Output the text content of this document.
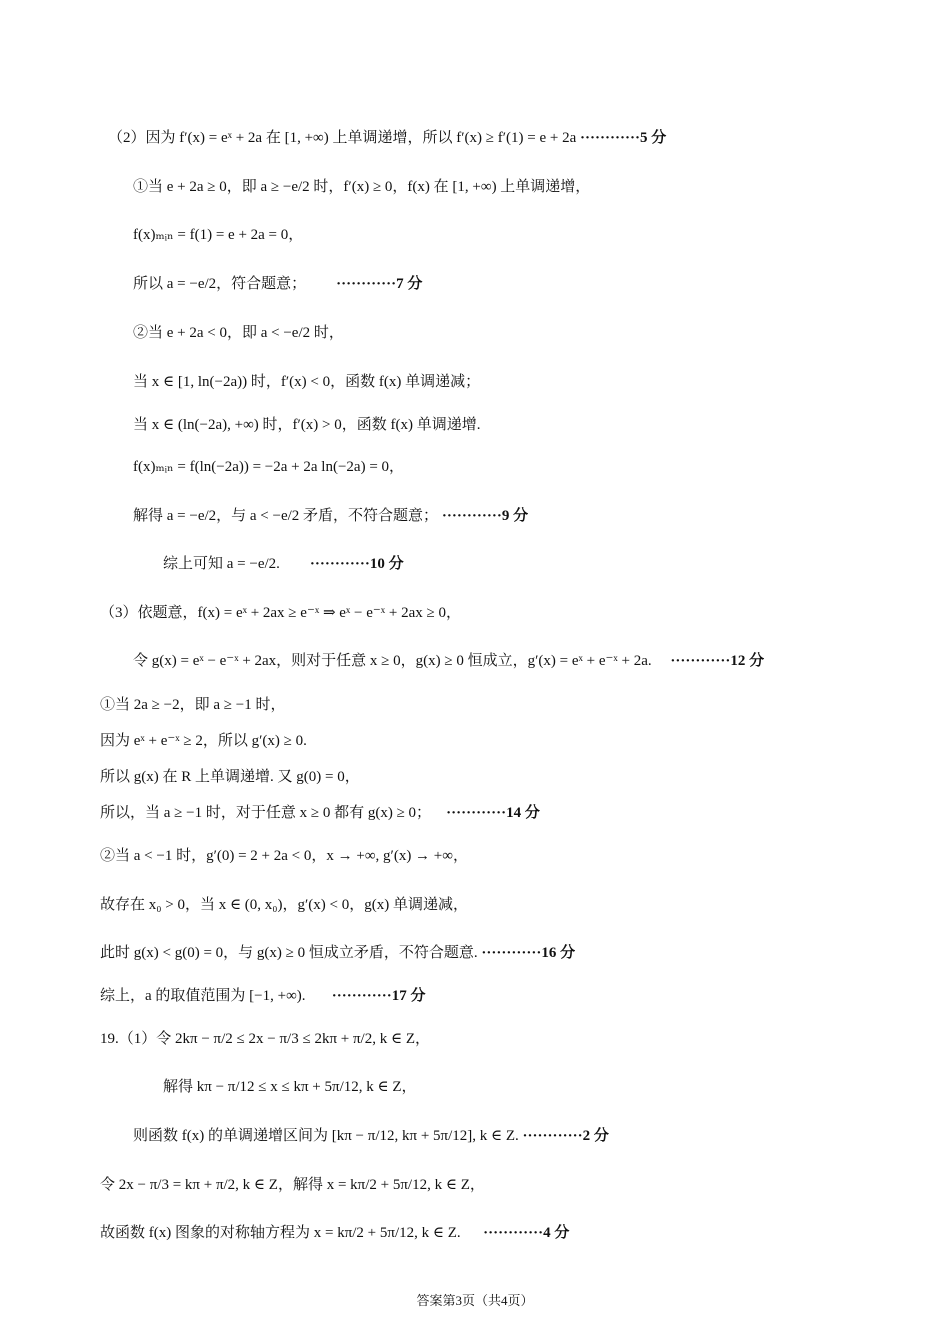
（2）因为 f′(x) = eˣ + 2a 在 [1, +∞) 上单调递增，所以 f′(x) ≥ f′(1) = e + 2a ············5 分
①当 e + 2a ≥ 0，即 a ≥ −e/2 时，f′(x) ≥ 0，f(x) 在 [1, +∞) 上单调递增，
f(x)ₘᵢₙ = f(1) = e + 2a = 0，
所以 a = −e/2，符合题意； ············7 分
②当 e + 2a < 0，即 a < −e/2 时，
当 x ∈ [1, ln(−2a)) 时，f′(x) < 0，函数 f(x) 单调递减；
当 x ∈ (ln(−2a), +∞) 时，f′(x) > 0，函数 f(x) 单调递增.
f(x)ₘᵢₙ = f(ln(−2a)) = −2a + 2a ln(−2a) = 0，
解得 a = −e/2，与 a < −e/2 矛盾，不符合题意； ············9 分
综上可知 a = −e/2. ············10 分
（3）依题意，f(x) = eˣ + 2ax ≥ e⁻ˣ ⇒ eˣ − e⁻ˣ + 2ax ≥ 0，
令 g(x) = eˣ − e⁻ˣ + 2ax，则对于任意 x ≥ 0，g(x) ≥ 0 恒成立，g′(x) = eˣ + e⁻ˣ + 2a. ············12 分
①当 2a ≥ −2，即 a ≥ −1 时，
因为 eˣ + e⁻ˣ ≥ 2，所以 g′(x) ≥ 0.
所以 g(x) 在 R 上单调递增. 又 g(0) = 0，
所以，当 a ≥ −1 时，对于任意 x ≥ 0 都有 g(x) ≥ 0； ············14 分
②当 a < −1 时，g′(0) = 2 + 2a < 0，x → +∞, g′(x) → +∞，
故存在 x₀ > 0，当 x ∈ (0, x₀)，g′(x) < 0，g(x) 单调递减，
此时 g(x) < g(0) = 0，与 g(x) ≥ 0 恒成立矛盾，不符合题意. ············16 分
综上，a 的取值范围为 [−1, +∞). ············17 分
19.（1）令 2kπ − π/2 ≤ 2x − π/3 ≤ 2kπ + π/2, k ∈ Z，
解得 kπ − π/12 ≤ x ≤ kπ + 5π/12, k ∈ Z，
则函数 f(x) 的单调递增区间为 [kπ − π/12, kπ + 5π/12], k ∈ Z. ············2 分
令 2x − π/3 = kπ + π/2, k ∈ Z，解得 x = kπ/2 + 5π/12, k ∈ Z，
故函数 f(x) 图象的对称轴方程为 x = kπ/2 + 5π/12, k ∈ Z. ············4 分
答案第3页（共4页）
